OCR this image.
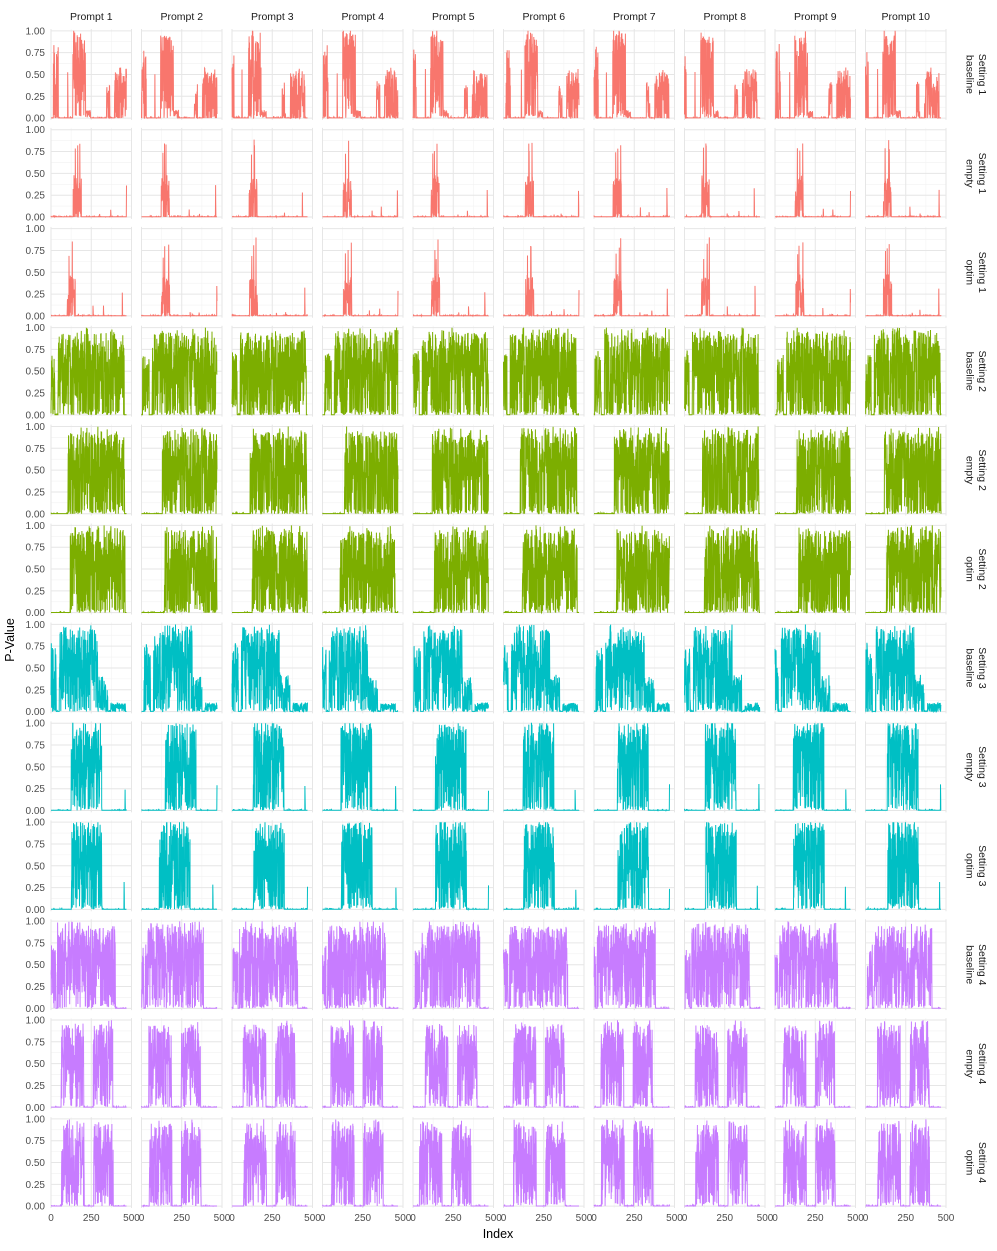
0.00
0.25
0.50
0.75
1.00
Setting 1baseline
0.00
0.25
0.50
0.75
1.00
Setting 1empty
0.00
0.25
0.50
0.75
1.00
Setting 1optim
0.00
0.25
0.50
0.75
1.00
Setting 2baseline
0.00
0.25
0.50
0.75
1.00
Setting 2empty
0.00
0.25
0.50
0.75
1.00
Setting 2optim
0.00
0.25
0.50
0.75
1.00
Setting 3baseline
0.00
0.25
0.50
0.75
1.00
Setting 3empty
0.00
0.25
0.50
0.75
1.00
Setting 3optim
0.00
0.25
0.50
0.75
1.00
Setting 4baseline
0.00
0.25
0.50
0.75
1.00
Setting 4empty
0.00
0.25
0.50
0.75
1.00
Setting 4optim
Prompt 1	Prompt 2	Prompt 3	Prompt 4	Prompt 5	Prompt 6	Prompt 7	Prompt 8	Prompt 9	Prompt 10
0	250 500
0	250 500
0	250 500
0	250 500
0	250 500
0	250 500
0	250 500
0	250 500
0	250 500
0	250 500
Index
P-Value
